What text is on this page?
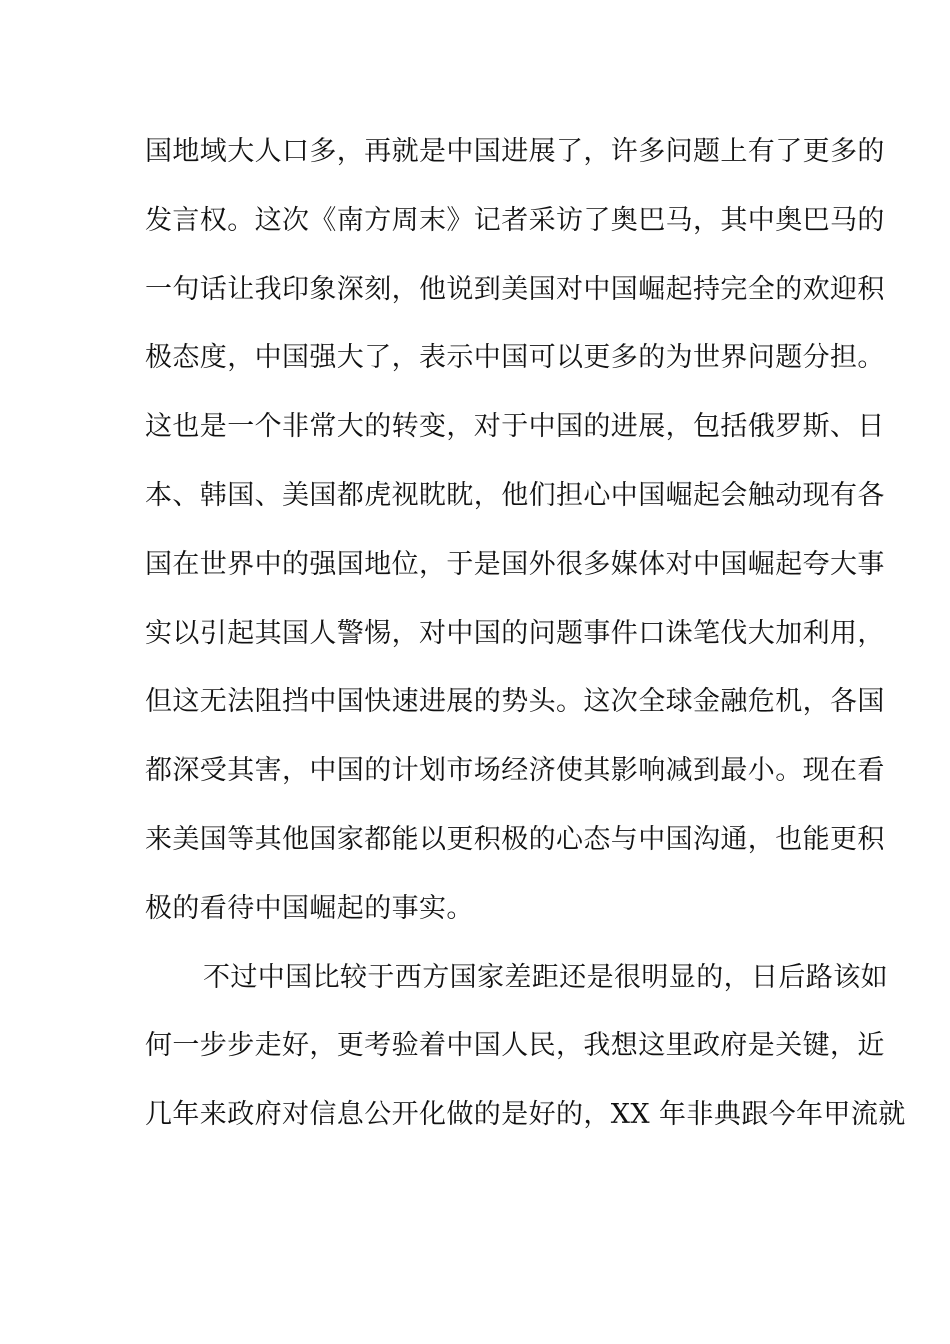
国地域大人口多，再就是中国进展了，许多问题上有了更多的
发言权。这次《南方周末》记者采访了奥巴马，其中奥巴马的
一句话让我印象深刻，他说到美国对中国崛起持完全的欢迎积
极态度，中国强大了，表示中国可以更多的为世界问题分担。
这也是一个非常大的转变，对于中国的进展，包括俄罗斯、日
本、韩国、美国都虎视眈眈，他们担心中国崛起会触动现有各
国在世界中的强国地位，于是国外很多媒体对中国崛起夸大事
实以引起其国人警惕，对中国的问题事件口诛笔伐大加利用，
但这无法阻挡中国快速进展的势头。这次全球金融危机，各国
都深受其害，中国的计划市场经济使其影响减到最小。现在看
来美国等其他国家都能以更积极的心态与中国沟通，也能更积
极的看待中国崛起的事实。
不过中国比较于西方国家差距还是很明显的，日后路该如
何一步步走好，更考验着中国人民，我想这里政府是关键，近
几年来政府对信息公开化做的是好的，XX 年非典跟今年甲流就
